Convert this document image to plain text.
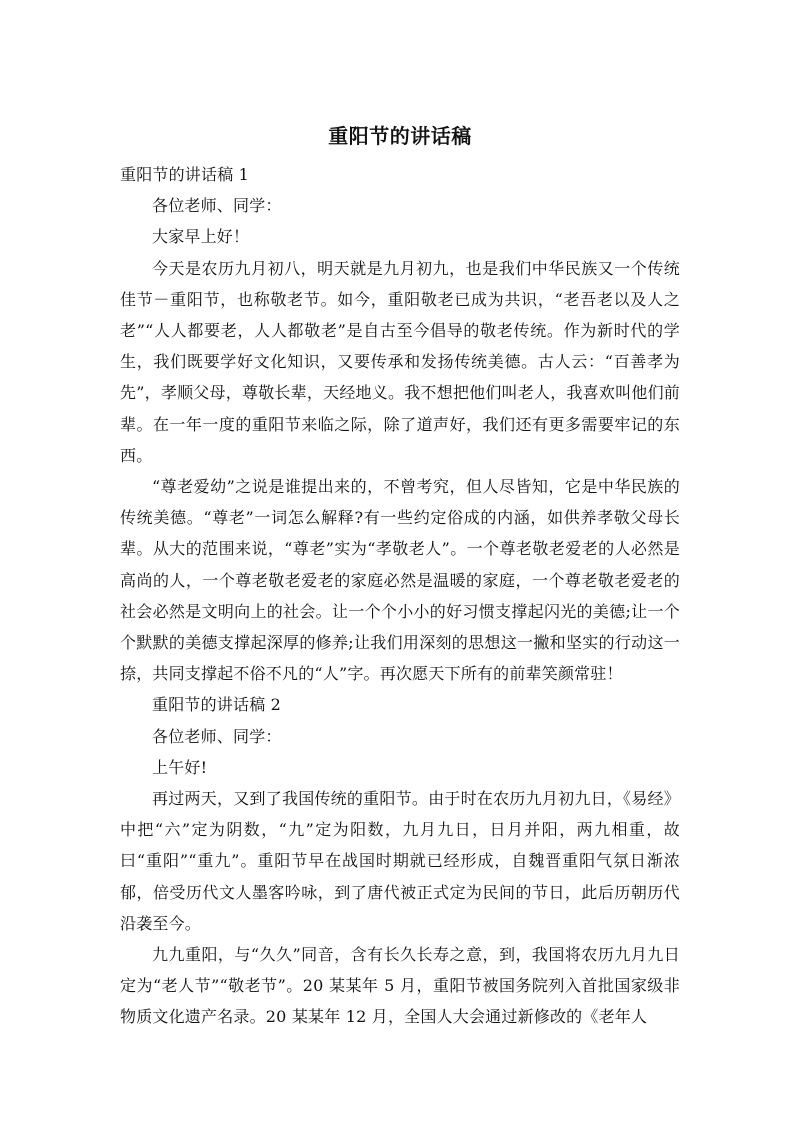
重阳节的讲话稿

重阳节的讲话稿 1

各位老师、同学：

大家早上好！

今天是农历九月初八，明天就是九月初九，也是我们中华民族又一个传统佳节－重阳节，也称敬老节。如今，重阳敬老已成为共识，“老吾老以及人之老”“人人都要老，人人都敬老”是自古至今倡导的敬老传统。作为新时代的学生，我们既要学好文化知识，又要传承和发扬传统美德。古人云：“百善孝为先”，孝顺父母，尊敬长辈，天经地义。我不想把他们叫老人，我喜欢叫他们前辈。在一年一度的重阳节来临之际，除了道声好，我们还有更多需要牢记的东西。

“尊老爱幼”之说是谁提出来的，不曾考究，但人尽皆知，它是中华民族的传统美德。“尊老”一词怎么解释?有一些约定俗成的内涵，如供养孝敬父母长辈。从大的范围来说，“尊老”实为“孝敬老人”。一个尊老敬老爱老的人必然是高尚的人，一个尊老敬老爱老的家庭必然是温暖的家庭，一个尊老敬老爱老的社会必然是文明向上的社会。让一个个小小的好习惯支撑起闪光的美德;让一个个默默的美德支撑起深厚的修养;让我们用深刻的思想这一撇和坚实的行动这一捺，共同支撑起不俗不凡的“人”字。再次愿天下所有的前辈笑颜常驻！

重阳节的讲话稿 2

各位老师、同学：

上午好!

再过两天，又到了我国传统的重阳节。由于时在农历九月初九日，《易经》中把“六”定为阴数，“九”定为阳数，九月九日，日月并阳，两九相重，故曰“重阳”“重九”。重阳节早在战国时期就已经形成，自魏晋重阳气氛日渐浓郁，倍受历代文人墨客吟咏，到了唐代被正式定为民间的节日，此后历朝历代沿袭至今。

九九重阳，与“久久”同音，含有长久长寿之意，到，我国将农历九月九日定为“老人节”“敬老节”。20 某某年 5 月，重阳节被国务院列入首批国家级非物质文化遗产名录。20 某某年 12 月，全国人大会通过新修改的《老年人
